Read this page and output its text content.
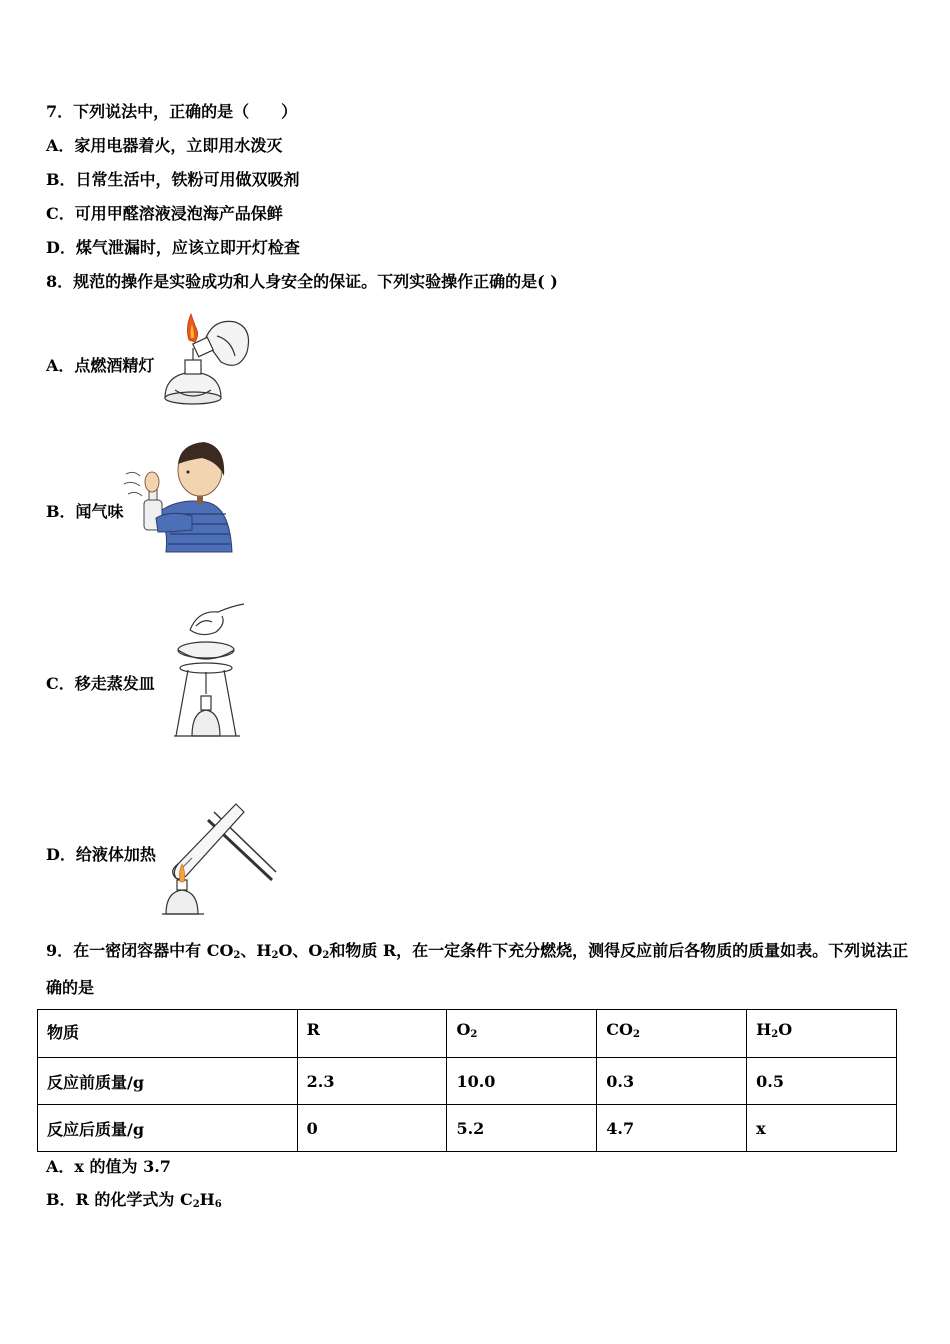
7．下列说法中，正确的是（　　）
A．家用电器着火，立即用水泼灭
B．日常生活中，铁粉可用做双吸剂
C．可用甲醛溶液浸泡海产品保鲜
D．煤气泄漏时，应该立即开灯检查
8．规范的操作是实验成功和人身安全的保证。下列实验操作正确的是( )
A．点燃酒精灯
B．闻气味
C．移走蒸发皿
D．给液体加热
9．在一密闭容器中有 $CO_2$、$H_2O$、$O_2$和物质 R，在一定条件下充分燃烧，测得反应前后各物质的质量如表。下列说法正
确的是
物质	R	$O_2$	$CO_2$	$H_2O$
反应前质量/g	2.3	10.0	0.3	0.5
反应后质量/g	0	5.2	4.7	x
A．x 的值为 3.7
B．R 的化学式为 $C_2H_6$
